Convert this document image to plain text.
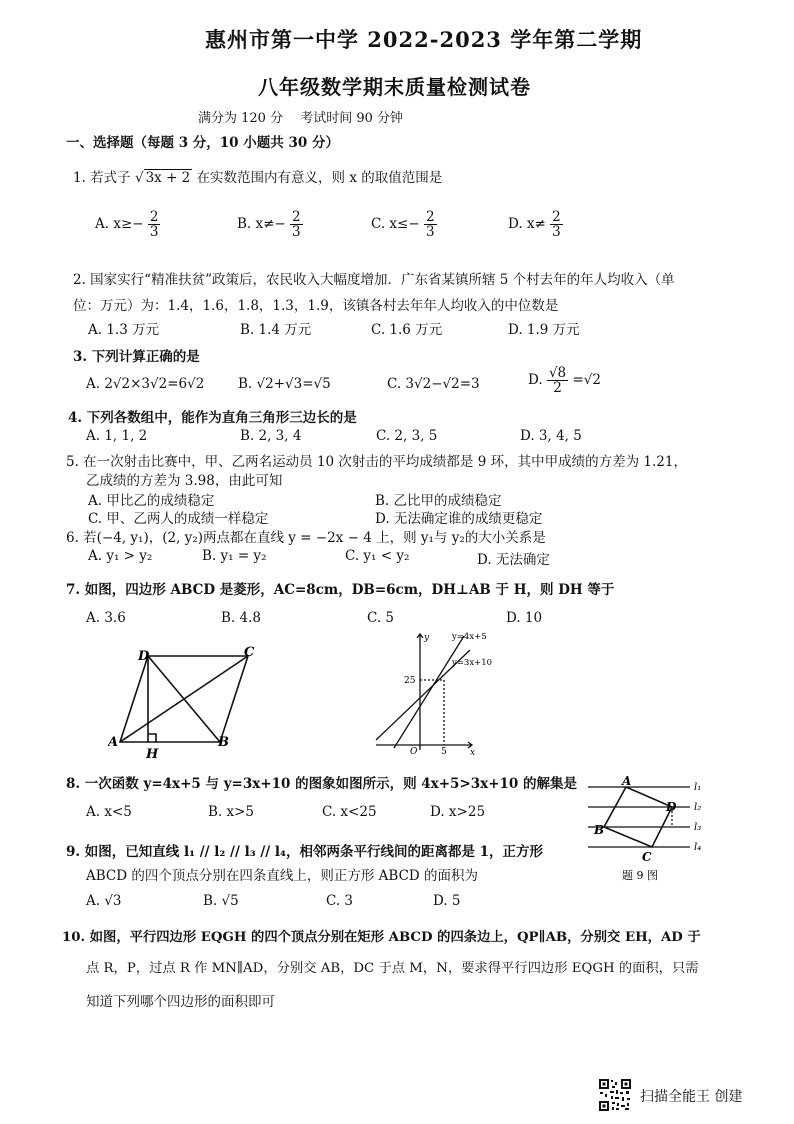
惠州市第一中学 2022-2023 学年第二学期
八年级数学期末质量检测试卷
满分为 120 分　 考试时间 90 分钟
一、选择题（每题 3 分，10 小题共 30 分）
1. 若式子 √ 3x + 2 在实数范围内有意义，则 x 的取值范围是
A. $x\ge- \frac{2}{3}$	B. $x\ne- \frac{2}{3}$	C. $x\le- \frac{2}{3}$	D. $x\ne \frac{2}{3}$
2. 国家实行“精准扶贫”政策后，农民收入大幅度增加．广东省某镇所辖 5 个村去年的年人均收入（单
位：万元）为：1.4，1.6，1.8，1.3，1.9，该镇各村去年年人均收入的中位数是
A. 1.3 万元	B. 1.4 万元	C. 1.6 万元	D. 1.9 万元
3. 下列计算正确的是
A. 2√2×3√2=6√2 B. √2+√3=√5	C. 3√2−√2=3	D. $\frac{√8}{2} =√2$
4. 下列各数组中，能作为直角三角形三边长的是
A. 1, 1, 2	B. 2, 3, 4	C. 2, 3, 5	D. 3, 4, 5
5. 在一次射击比赛中，甲、乙两名运动员 10 次射击的平均成绩都是 9 环，其中甲成绩的方差为 1.21，
乙成绩的方差为 3.98，由此可知
A. 甲比乙的成绩稳定	B. 乙比甲的成绩稳定
C. 甲、乙两人的成绩一样稳定	D. 无法确定谁的成绩更稳定
6. 若(−4, y₁)，(2, y₂)两点都在直线 y = −2x − 4 上，则 y₁与 y₂的大小关系是
A. y₁ > y₂	B. y₁ = y₂	C. y₁ < y₂	D. 无法确定
7. 如图，四边形 ABCD 是菱形，AC=8cm，DB=6cm，DH⊥AB 于 H，则 DH 等于
A. 3.6	B. 4.8	C. 5	D. 10
D	C
A	B
H
y
x
O
25
5
y=4x+5
y=3x+10
8. 一次函数 y=4x+5 与 y=3x+10 的图象如图所示，则 4x+5>3x+10 的解集是
A. x<5	B. x>5	C. x<25	D. x>25
A
D
C
B
l₁
l₂
l₃
l₄
题 9 图
9. 如图，已知直线 l₁ // l₂ // l₃ // l₄，相邻两条平行线间的距离都是 1，正方形
ABCD 的四个顶点分别在四条直线上，则正方形 ABCD 的面积为
A. √3	B. √5	C. 3	D. 5
10. 如图，平行四边形 EQGH 的四个顶点分别在矩形 ABCD 的四条边上，QP∥AB，分别交 EH，AD 于
点 R，P，过点 R 作 MN∥AD，分别交 AB，DC 于点 M，N，要求得平行四边形 EQGH 的面积，只需
知道下列哪个四边形的面积即可
扫描全能王 创建
